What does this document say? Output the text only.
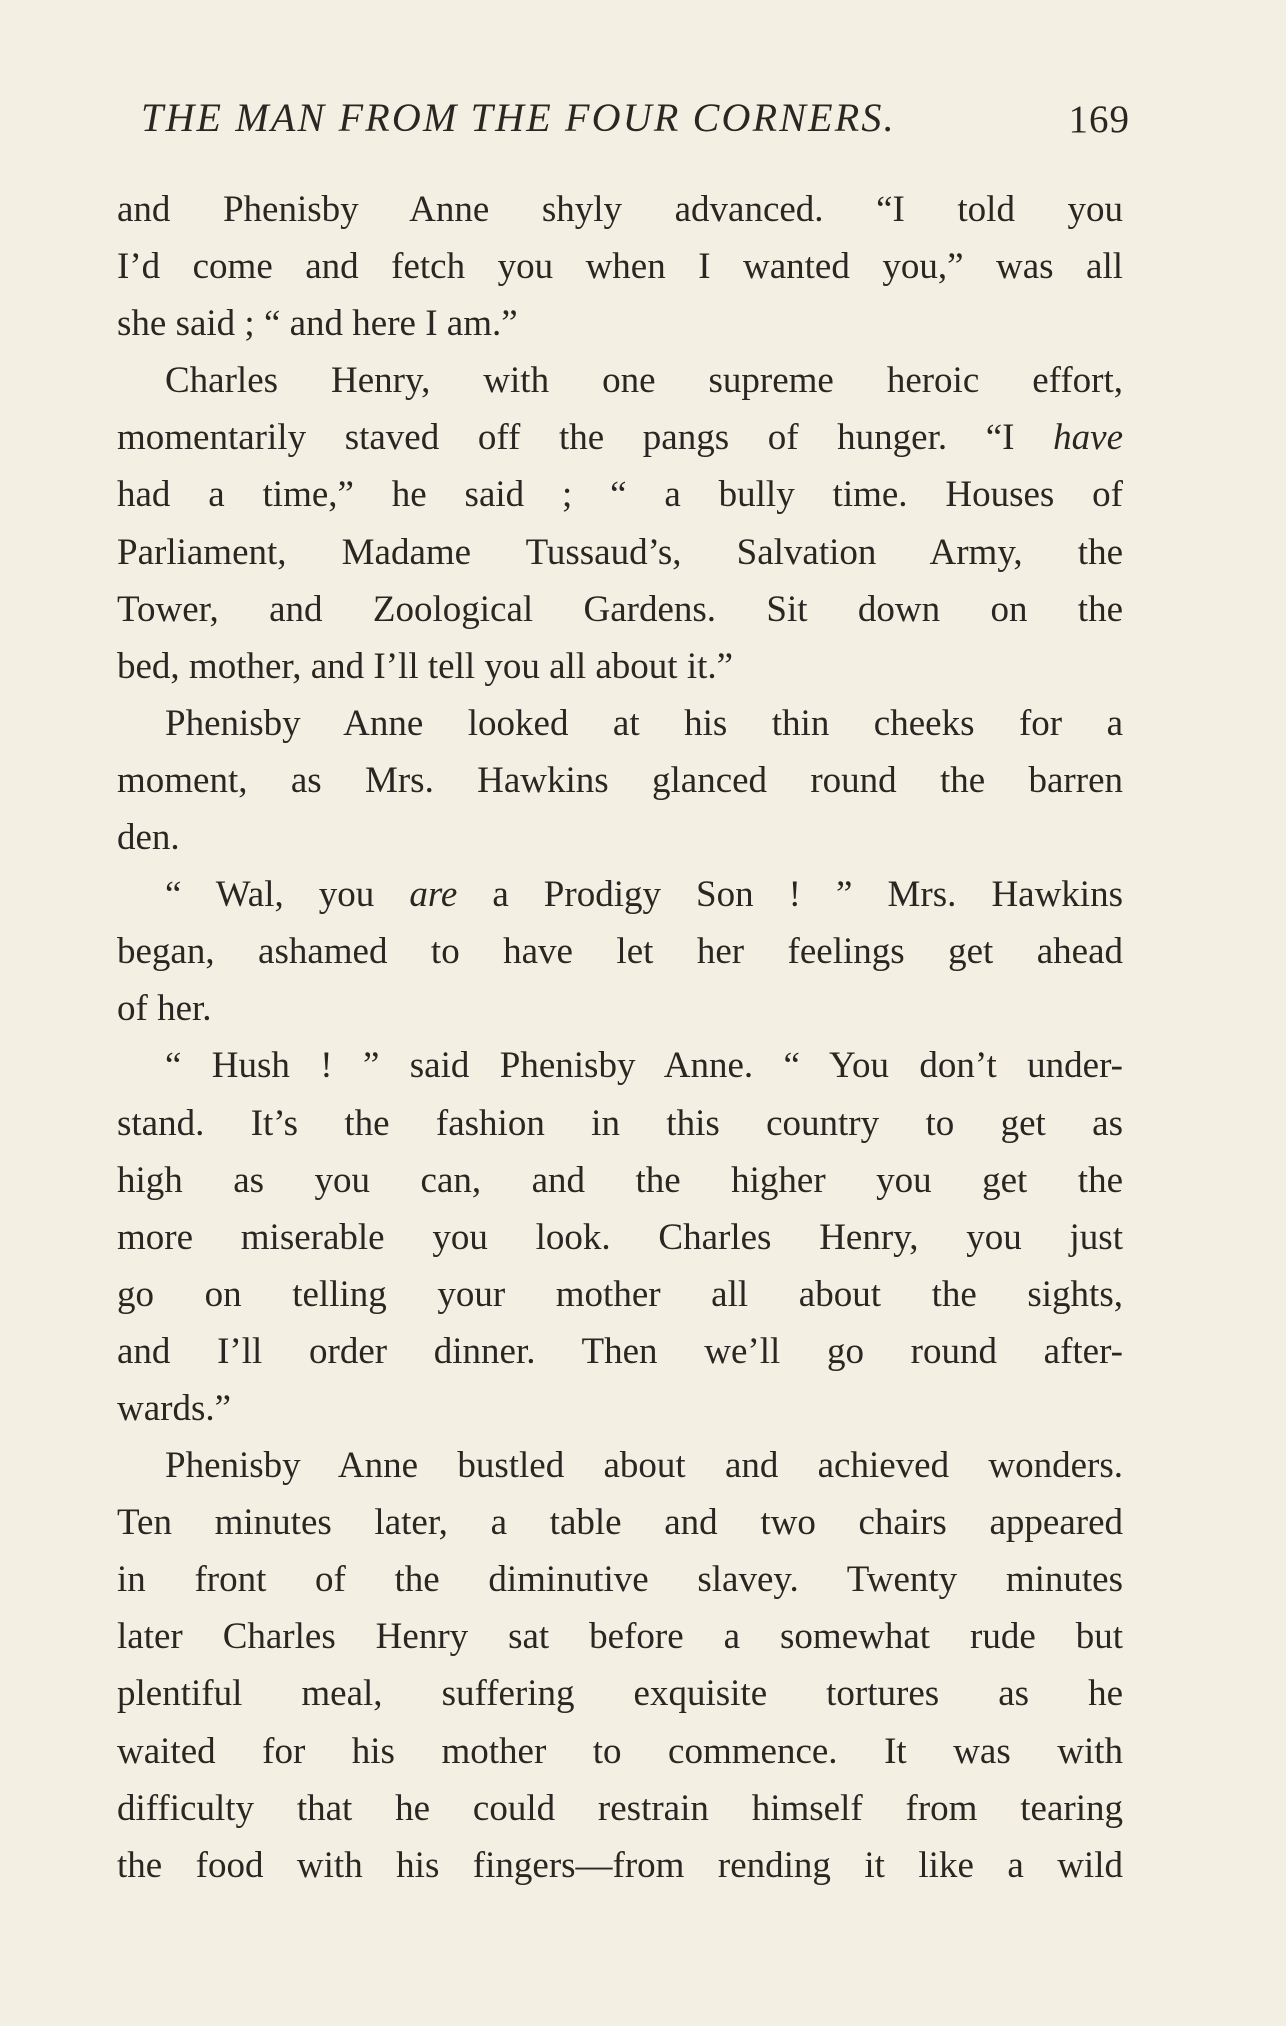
THE MAN FROM THE FOUR CORNERS.	169
and Phenisby Anne shyly advanced. “I told you
I’d come and fetch you when I wanted you,” was all
she said ; “ and here I am.”
Charles Henry, with one supreme heroic effort,
momentarily staved off the pangs of hunger. “I have
had a time,” he said ; “ a bully time. Houses of
Parliament, Madame Tussaud’s, Salvation Army, the
Tower, and Zoological Gardens. Sit down on the
bed, mother, and I’ll tell you all about it.”
Phenisby Anne looked at his thin cheeks for a
moment, as Mrs. Hawkins glanced round the barren
den.
“ Wal, you are a Prodigy Son ! ” Mrs. Hawkins
began, ashamed to have let her feelings get ahead
of her.
“ Hush ! ” said Phenisby Anne. “ You don’t under-
stand. It’s the fashion in this country to get as
high as you can, and the higher you get the
more miserable you look. Charles Henry, you just
go on telling your mother all about the sights,
and I’ll order dinner. Then we’ll go round after-
wards.”
Phenisby Anne bustled about and achieved wonders.
Ten minutes later, a table and two chairs appeared
in front of the diminutive slavey. Twenty minutes
later Charles Henry sat before a somewhat rude but
plentiful meal, suffering exquisite tortures as he
waited for his mother to commence. It was with
difficulty that he could restrain himself from tearing
the food with his fingers—from rending it like a wild
